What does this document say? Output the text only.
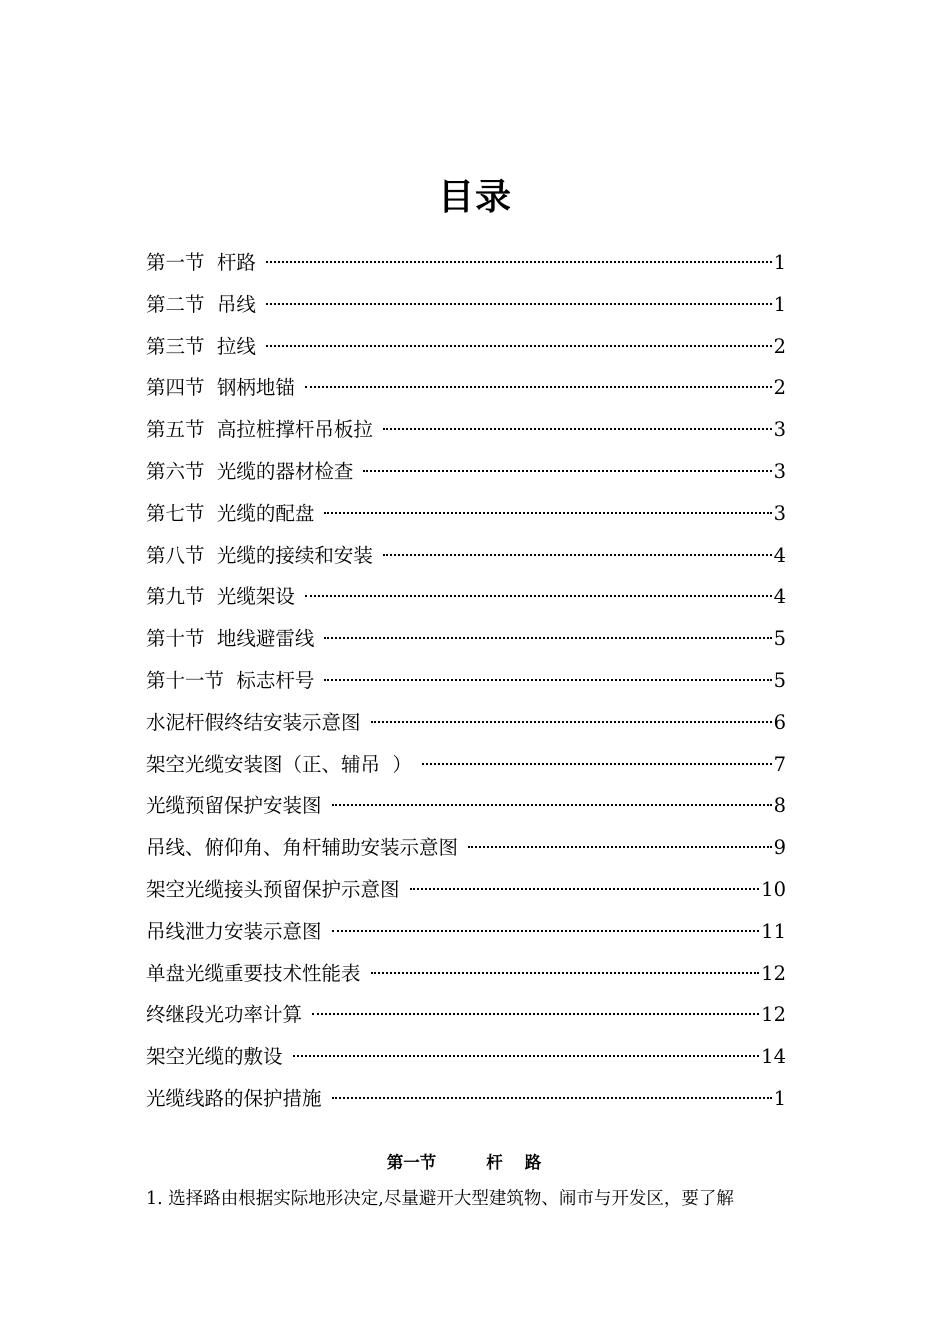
目录
第一节  杆路	1
第二节  吊线	1
第三节  拉线	2
第四节  钢柄地锚	2
第五节  高拉桩撑杆吊板拉	3
第六节  光缆的器材检查	3
第七节  光缆的配盘	3
第八节  光缆的接续和安装	4
第九节  光缆架设	4
第十节  地线避雷线	5
第十一节  标志杆号	5
水泥杆假终结安装示意图	6
架空光缆安装图（正、辅吊  ）	7
光缆预留保护安装图	8
吊线、俯仰角、角杆辅助安装示意图	9
架空光缆接头预留保护示意图	10
吊线泄力安装示意图	11
单盘光缆重要技术性能表	12
终继段光功率计算	12
架空光缆的敷设	14
光缆线路的保护措施	1
第一节	杆路

1. 选择路由根据实际地形决定,尽量避开大型建筑物、闹市与开发区，要了解
